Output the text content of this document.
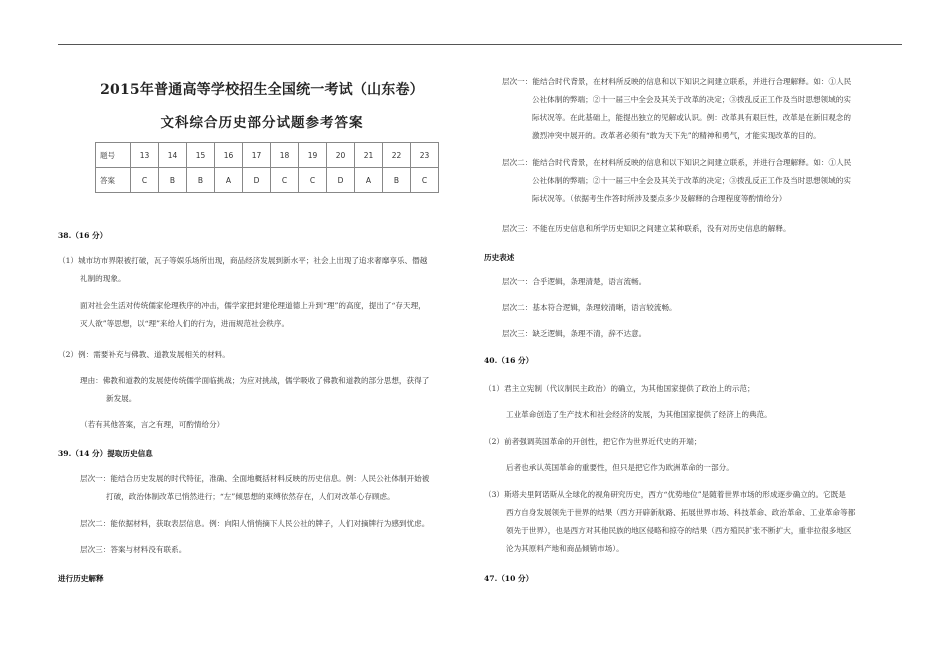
2015年普通高等学校招生全国统一考试（山东卷）
文科综合历史部分试题参考答案
题号	13	14	15	16	17	18	19	20	21	22	23
答案	C	B	B	A	D	C	C	D	A	B	C
38.（16 分）
（1）城市坊市界限被打破，瓦子等娱乐场所出现，商品经济发展到新水平；社会上出现了追求奢靡享乐、僭越
礼制的现象。
面对社会生活对传统儒家伦理秩序的冲击，儒学家把封建伦理道德上升到“理”的高度，提出了“存天理，
灭人欲”等思想，以“理”来给人们的行为，进而规范社会秩序。
（2）例：需要补充与佛教、道教发展相关的材料。
理由：佛教和道教的发展使传统儒学面临挑战；为应对挑战，儒学吸收了佛教和道教的部分思想，获得了
新发展。
（若有其他答案，言之有理，可酌情给分）
39.（14 分）提取历史信息
层次一：能结合历史发展的时代特征，准确、全面地概括材料反映的历史信息。例：人民公社体制开始被
打破，政治体制改革已悄然进行；“左”倾思想的束缚依然存在，人们对改革心存顾虑。
层次二：能依据材料，获取表层信息。例：向阳人悄悄摘下人民公社的牌子，人们对摘牌行为感到忧虑。
层次三：答案与材料没有联系。
进行历史解释
层次一：能结合时代背景，在材料所反映的信息和以下知识之间建立联系，并进行合理解释。如：①人民
公社体制的弊端；②十一届三中全会及其关于改革的决定；③拨乱反正工作及当时思想领域的实
际状况等。在此基础上，能提出独立的见解或认识。例：改革具有艰巨性，改革是在新旧观念的
激烈冲突中展开的。改革者必须有“敢为天下先”的精神和勇气，才能实现改革的目的。
层次二：能结合时代背景，在材料所反映的信息和以下知识之间建立联系，并进行合理解释。如：①人民
公社体制的弊端；②十一届三中全会及其关于改革的决定；③拨乱反正工作及当时思想领域的实
际状况等。（依据考生作答时所涉及要点多少及解释的合理程度等酌情给分）
层次三：不能在历史信息和所学历史知识之间建立某种联系，没有对历史信息的解释。
历史表述
层次一：合乎逻辑，条理清楚，语言流畅。
层次二：基本符合逻辑，条理较清晰，语言较流畅。
层次三：缺乏逻辑，条理不清，辞不达意。
40.（16 分）
（1）君主立宪制（代议制民主政治）的确立，为其他国家提供了政治上的示范；
工业革命创造了生产技术和社会经济的发展，为其他国家提供了经济上的典范。
（2）前者强调英国革命的开创性，把它作为世界近代史的开端；
后者也承认英国革命的重要性，但只是把它作为欧洲革命的一部分。
（3）斯塔夫里阿诺斯从全球化的视角研究历史，西方“优势地位”是随着世界市场的形成逐步确立的。它既是
西方自身发展领先于世界的结果（西方开辟新航路、拓展世界市场、科技革命、政治革命、工业革命等都
领先于世界），也是西方对其他民族的地区侵略和掠夺的结果（西方殖民扩张不断扩大，重非拉很多地区
沦为其原料产地和商品倾销市场）。
47.（10 分）
